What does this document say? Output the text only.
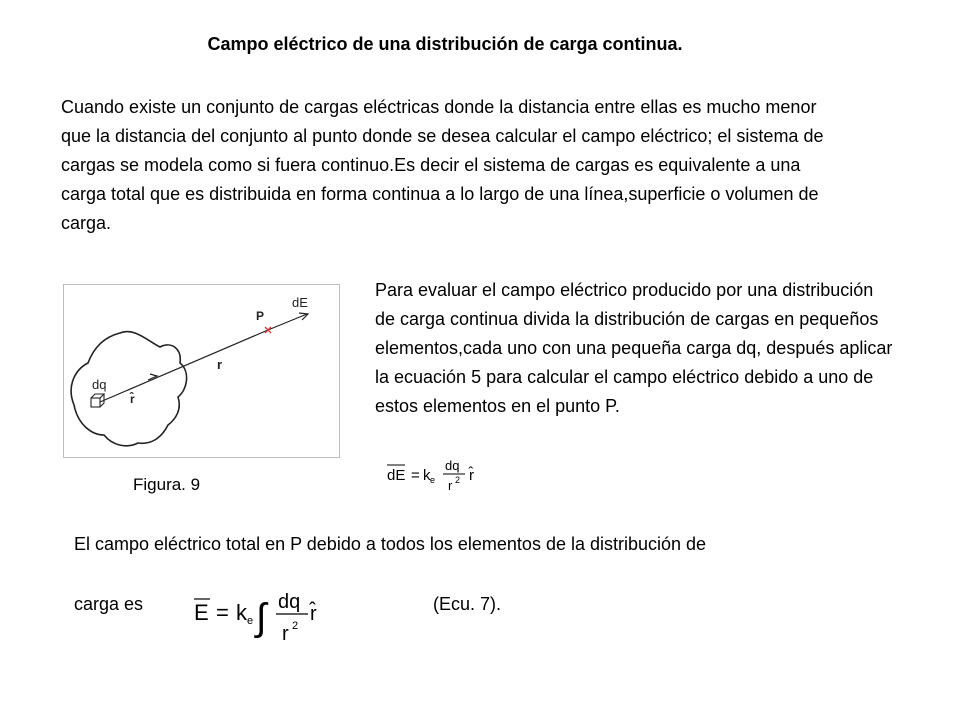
Campo eléctrico de una distribución de carga continua.
Cuando existe un conjunto de cargas eléctricas donde la distancia entre ellas es mucho menor que la distancia del conjunto al punto donde se desea calcular el campo eléctrico; el sistema de cargas se modela como si fuera continuo.Es decir el sistema de cargas es equivalente a una carga total que es distribuida en forma continua a lo largo de una línea,superficie o volumen de carga.
dq
r̂
r
P
dE
Figura. 9
Para evaluar el campo eléctrico producido por una distribución de carga continua divida la distribución de cargas en pequeños elementos,cada uno con una pequeña carga dq, después aplicar la ecuación 5 para calcular el campo eléctrico debido a uno de estos elementos en el punto P.
dE = k e
dq
r 2 r̂
El campo eléctrico total en P debido a todos los elementos de la distribución de
carga es E = k e ∫ dq
r 2
r̂	(Ecu. 7).
